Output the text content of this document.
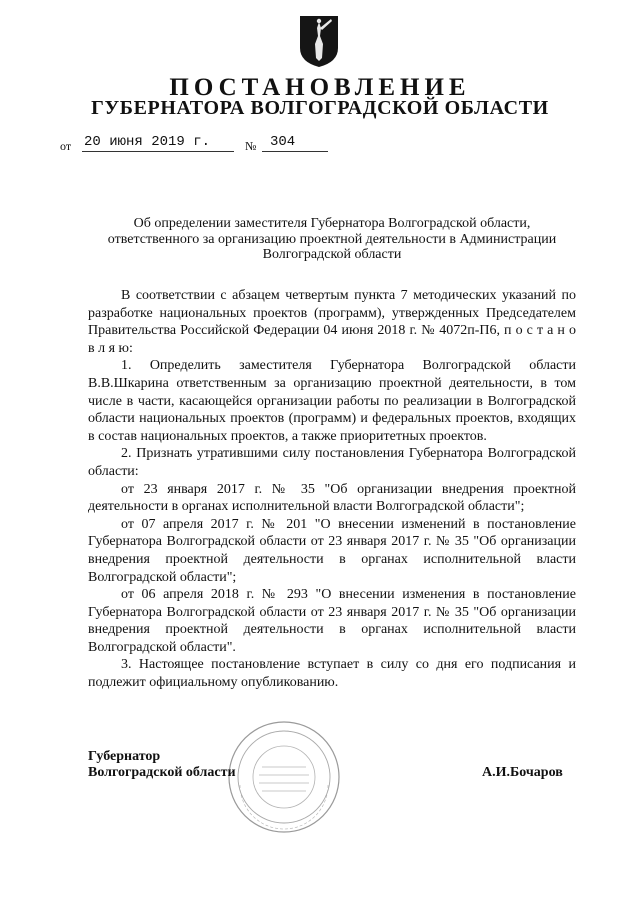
ПОСТАНОВЛЕНИЕ
ГУБЕРНАТОРА ВОЛГОГРАДСКОЙ ОБЛАСТИ
от 20 июня 2019 г.	№ 304
Об определении заместителя Губернатора Волгоградской области, ответственного за организацию проектной деятельности в Администрации Волгоградской области

В соответствии с абзацем четвертым пункта 7 методических указаний по разработке национальных проектов (программ), утвержденных Председателем Правительства Российской Федерации 04 июня 2018 г. № 4072п-П6, п о с т а н о в л я ю:

1. Определить заместителя Губернатора Волгоградской области В.В.Шкарина ответственным за организацию проектной деятельности, в том числе в части, касающейся организации работы по реализации в Волгоградской области национальных проектов (программ) и федеральных проектов, входящих в состав национальных проектов, а также приоритетных проектов.

2. Признать утратившими силу постановления Губернатора Волгоградской области:

от 23 января 2017 г. № 35 "Об организации внедрения проектной деятельности в органах исполнительной власти Волгоградской области";

от 07 апреля 2017 г. № 201 "О внесении изменений в постановление Губернатора Волгоградской области от 23 января 2017 г. № 35 "Об организации внедрения проектной деятельности в органах исполнительной власти Волгоградской области";

от 06 апреля 2018 г. № 293 "О внесении изменения в постановление Губернатора Волгоградской области от 23 января 2017 г. № 35 "Об организации внедрения проектной деятельности в органах исполнительной власти Волгоградской области".

3. Настоящее постановление вступает в силу со дня его подписания и подлежит официальному опубликованию.

Губернатор
Волгоградской области	А.И.Бочаров
